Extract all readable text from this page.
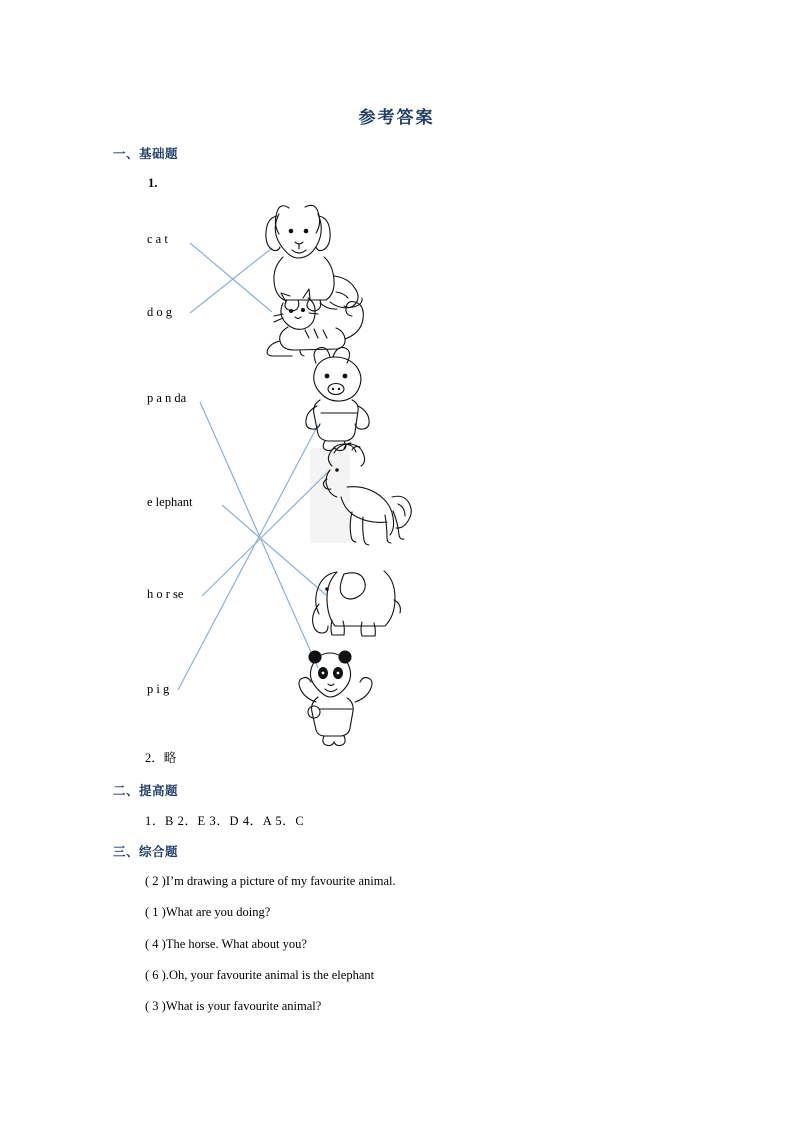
参考答案
一、基础题
1.
c a t
d o g
p a n da
e lephant
h o r se
p i g
2．略
二、提高题
1．B 2．E 3．D 4．A 5．C
三、综合题
( 2 )I’m drawing a picture of my favourite animal.
( 1 )What are you doing?
( 4 )The horse. What about you?
( 6 ).Oh, your favourite animal is the elephant
( 3 )What is your favourite animal?
